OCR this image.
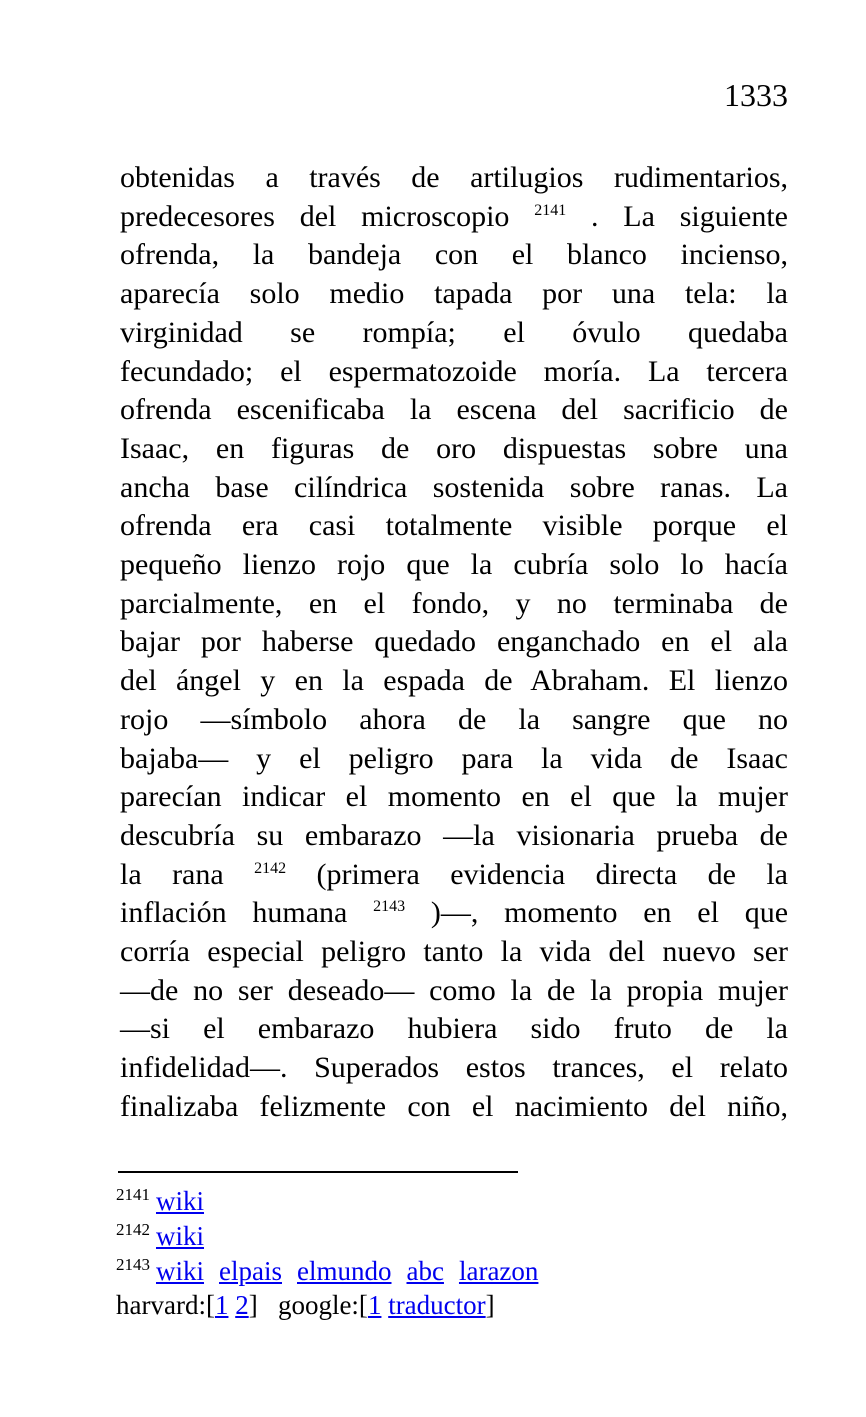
1333
obtenidas a través de artilugios rudimentarios,
predecesores del microscopio $^{2141}$ . La siguiente
ofrenda, la bandeja con el blanco incienso,
aparecía solo medio tapada por una tela: la
virginidad se rompía; el óvulo quedaba
fecundado; el espermatozoide moría. La tercera
ofrenda escenificaba la escena del sacrificio de
Isaac, en figuras de oro dispuestas sobre una
ancha base cilíndrica sostenida sobre ranas. La
ofrenda era casi totalmente visible porque el
pequeño lienzo rojo que la cubría solo lo hacía
parcialmente, en el fondo, y no terminaba de
bajar por haberse quedado enganchado en el ala
del ángel y en la espada de Abraham. El lienzo
rojo —símbolo ahora de la sangre que no
bajaba— y el peligro para la vida de Isaac
parecían indicar el momento en el que la mujer
descubría su embarazo —la visionaria prueba de
la rana $^{2142}$ (primera evidencia directa de la
inflación humana $^{2143}$ )—, momento en el que
corría especial peligro tanto la vida del nuevo ser
—de no ser deseado— como la de la propia mujer
—si el embarazo hubiera sido fruto de la
infidelidad—. Superados estos trances, el relato
finalizaba felizmente con el nacimiento del niño,
$^{2141}$ wiki
$^{2142}$ wiki
$^{2143}$ wiki elpais elmundo abc larazon
harvard:[1 2]   google:[1 traductor]
